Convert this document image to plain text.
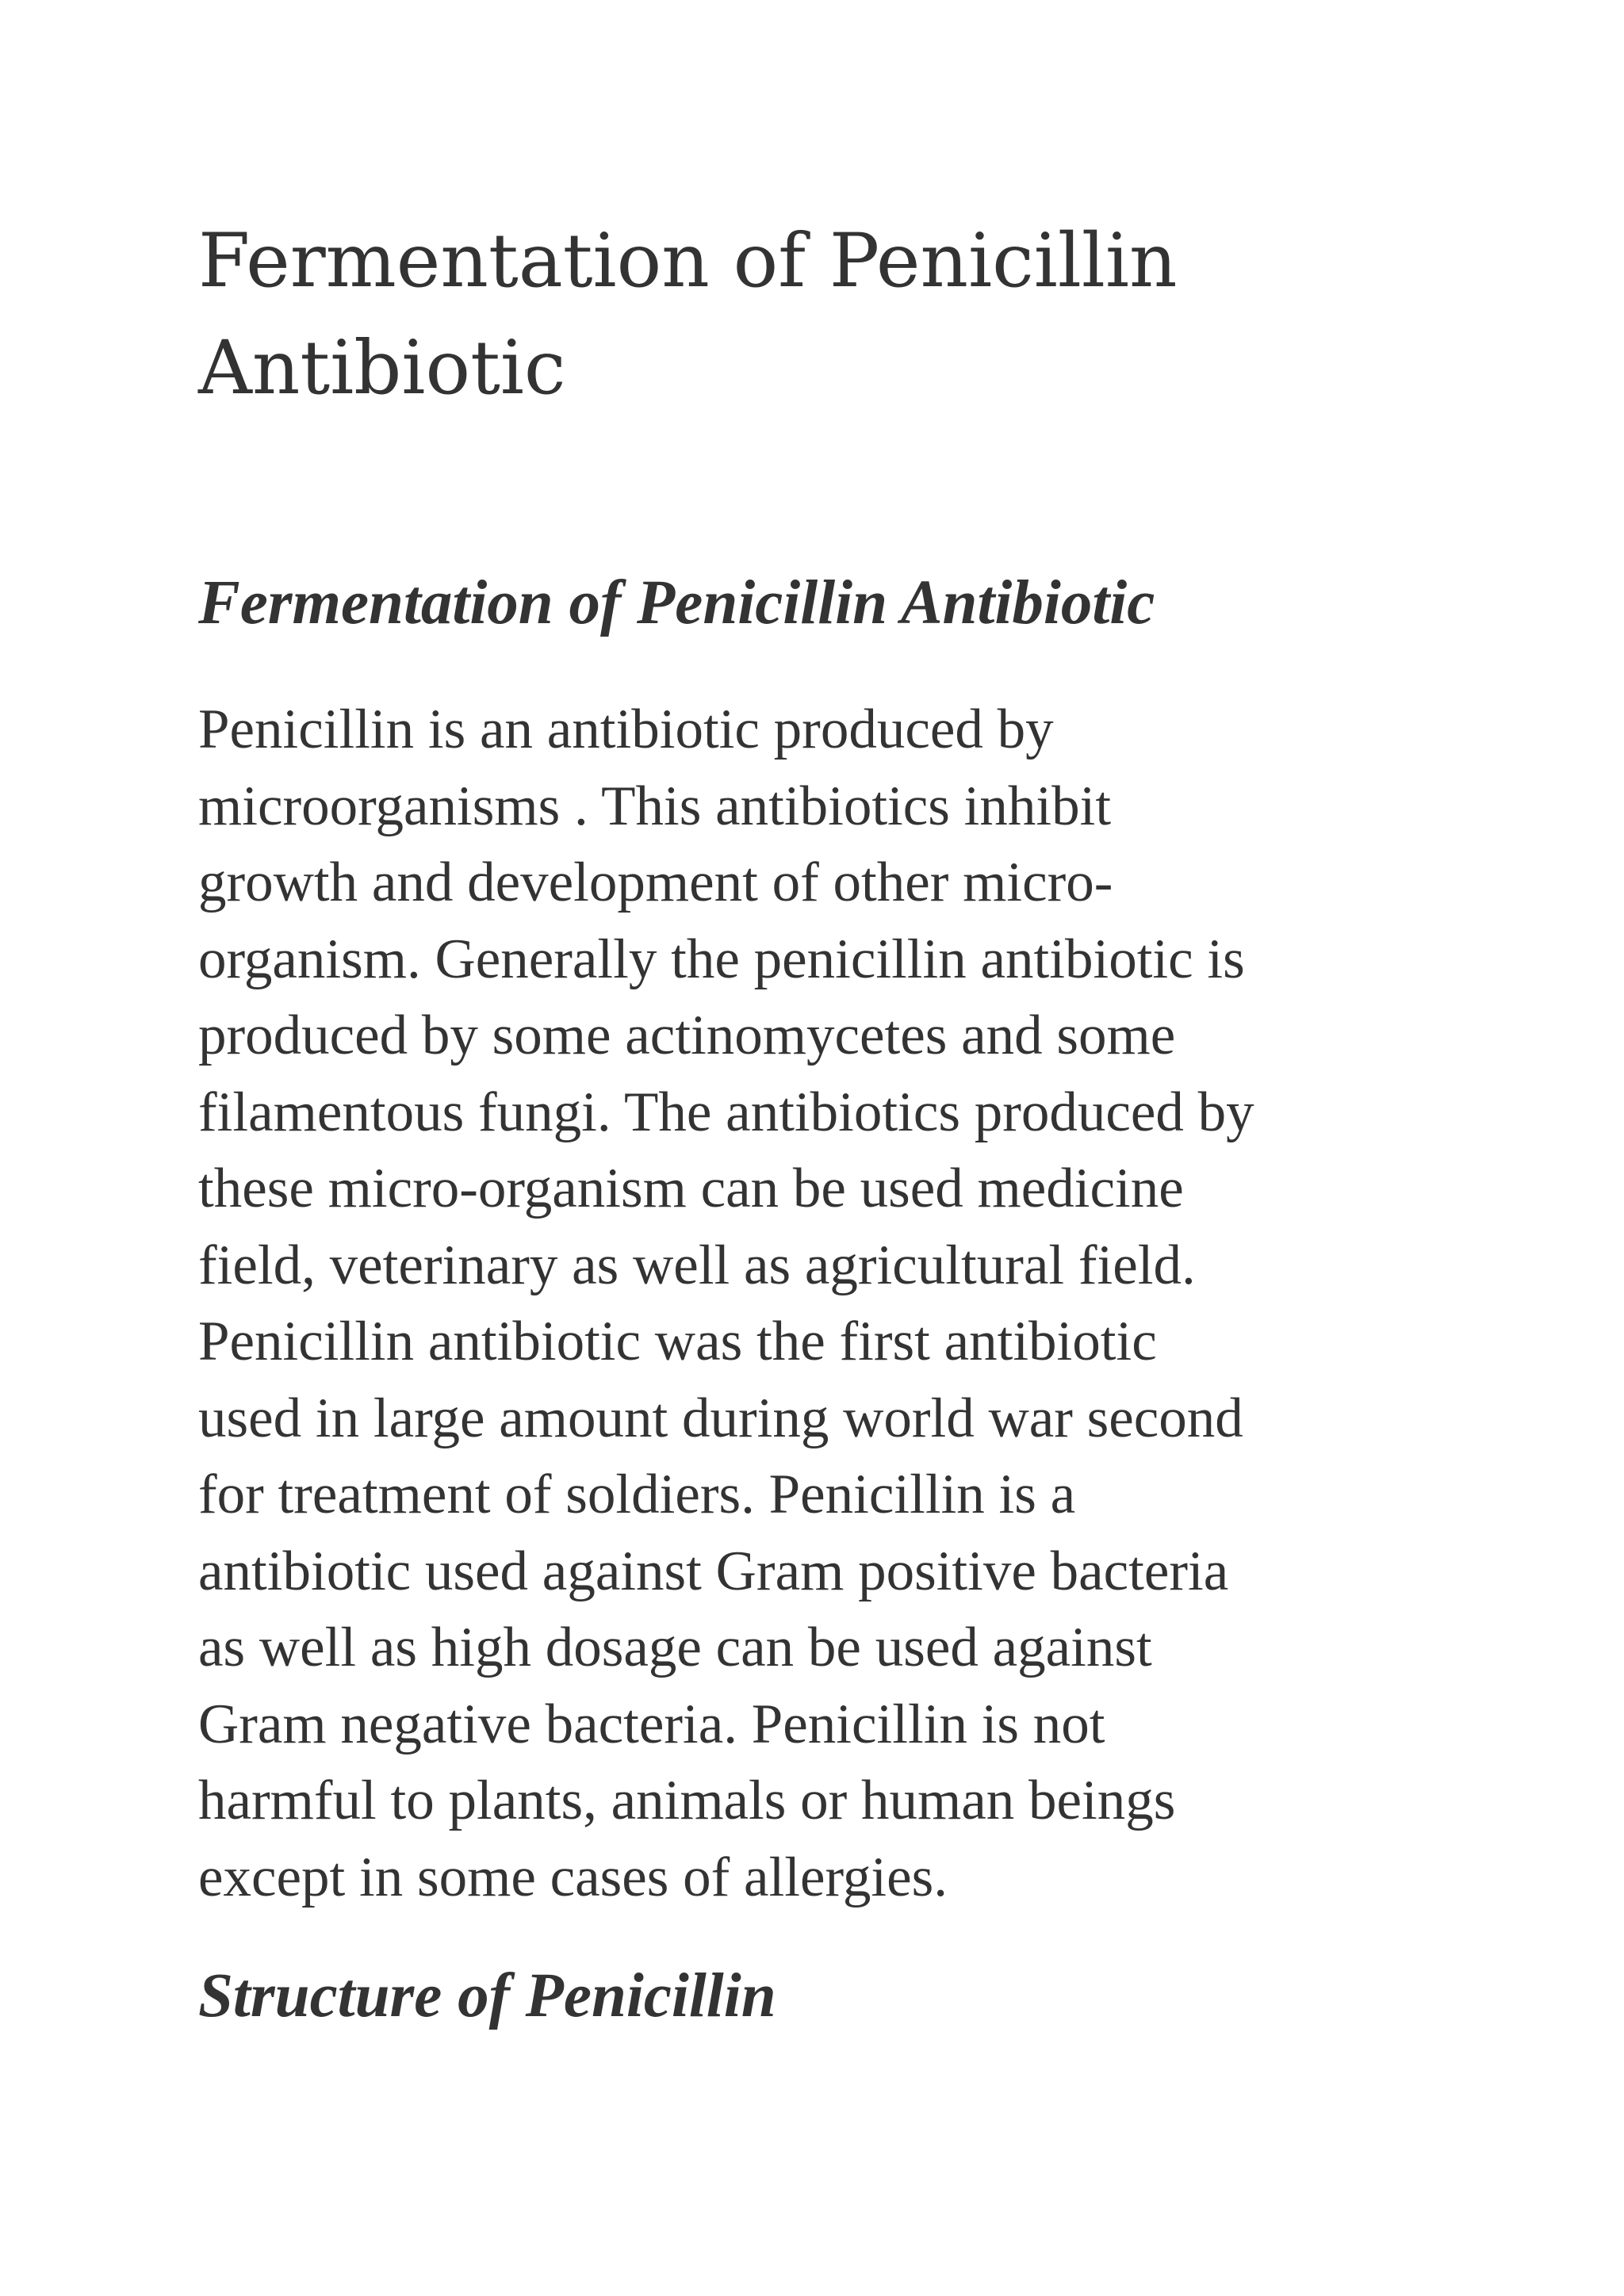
Fermentation of Penicillin
Antibiotic
Fermentation of Penicillin Antibiotic
Penicillin is an antibiotic produced by
microorganisms . This antibiotics inhibit
growth and development of other micro-
organism. Generally the penicillin antibiotic is
produced by some actinomycetes and some
filamentous fungi. The antibiotics produced by
these micro-organism can be used medicine
field, veterinary as well as agricultural field.
Penicillin antibiotic was the first antibiotic
used in large amount during world war second
for treatment of soldiers. Penicillin is a
antibiotic used against Gram positive bacteria
as well as high dosage can be used against
Gram negative bacteria. Penicillin is not
harmful to plants, animals or human beings
except in some cases of allergies.
Structure of Penicillin
